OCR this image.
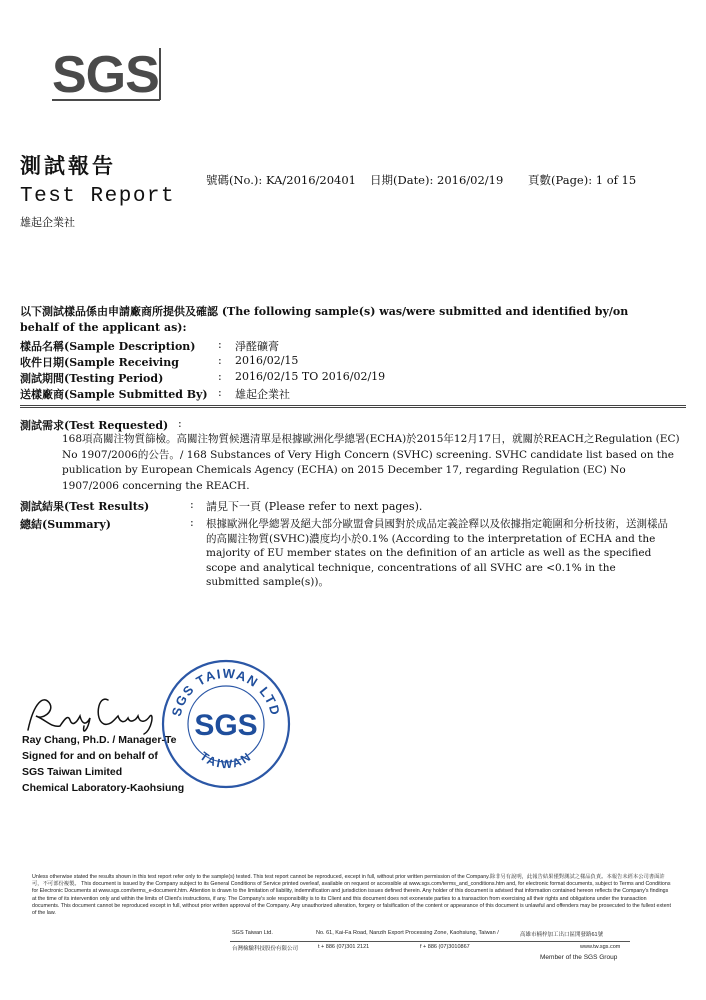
SGS
測試報告
Test Report
雄起企業社
號碼(No.): KA/2016/20401 日期(Date): 2016/02/19 頁數(Page): 1 of 15
以下測試樣品係由申請廠商所提供及確認 (The following sample(s) was/were submitted and identified by/on behalf of the applicant as):
樣品名稱(Sample Description) : 淨醛礦膏
收件日期(Sample Receiving	: 2016/02/15
測試期間(Testing Period)	: 2016/02/15 TO 2016/02/19
送樣廠商(Sample Submitted By) : 雄起企業社
測試需求(Test Requested) :
168項高關注物質篩檢。高關注物質候選清單是根據歐洲化學總署(ECHA)於2015年12月17日，就關於REACH之Regulation (EC) No 1907/2006的公告。/ 168 Substances of Very High Concern (SVHC) screening. SVHC candidate list based on the publication by European Chemicals Agency (ECHA) on 2015 December 17, regarding Regulation (EC) No 1907/2006 concerning the REACH.
測試結果(Test Results)	: 請見下一頁 (Please refer to next pages).
總結(Summary)	: 根據歐洲化學總署及絕大部分歐盟會員國對於成品定義詮釋以及依據指定範圍和分析技術，送測樣品的高關注物質(SVHC)濃度均小於0.1% (According to the interpretation of ECHA and the majority of EU member states on the definition of an article as well as the specified scope and analytical technique, concentrations of all SVHC are <0.1% in the submitted sample(s))。
SGS TAIWAN LTD
TAIWAN
SGS
Ray Chang, Ph.D. / Manager-Te
Signed for and on behalf of
SGS Taiwan Limited
Chemical Laboratory-Kaohsiung
Unless otherwise stated the results shown in this test report refer only to the sample(s) tested. This test report cannot be reproduced, except in full, without prior written permission of the Company.除非另有說明，此報告結果僅對測試之樣品負責。本報告未經本公司書面許可，不可部份複製。 This document is issued by the Company subject to its General Conditions of Service printed overleaf, available on request or accessible at www.sgs.com/terms_and_conditions.htm and, for electronic format documents, subject to Terms and Conditions for Electronic Documents at www.sgs.com/terms_e-document.htm. Attention is drawn to the limitation of liability, indemnification and jurisdiction issues defined therein. Any holder of this document is advised that information contained hereon reflects the Company's findings at the time of its intervention only and within the limits of Client's instructions, if any. The Company's sole responsibility is to its Client and this document does not exonerate parties to a transaction from exercising all their rights and obligations under the transaction documents. This document cannot be reproduced except in full, without prior written approval of the Company. Any unauthorized alteration, forgery or falsification of the content or appearance of this document is unlawful and offenders may be prosecuted to the fullest extent of the law.
SGS Taiwan Ltd.	No. 61, Kai-Fa Road, Nanzih Export Processing Zone, Kaohsiung, Taiwan /	高雄市楠梓加工出口區開發路61號
台灣檢驗科技股份有限公司	t + 886 (07)301 2121	f + 886 (07)3010867	www.tw.sgs.com
Member of the SGS Group
